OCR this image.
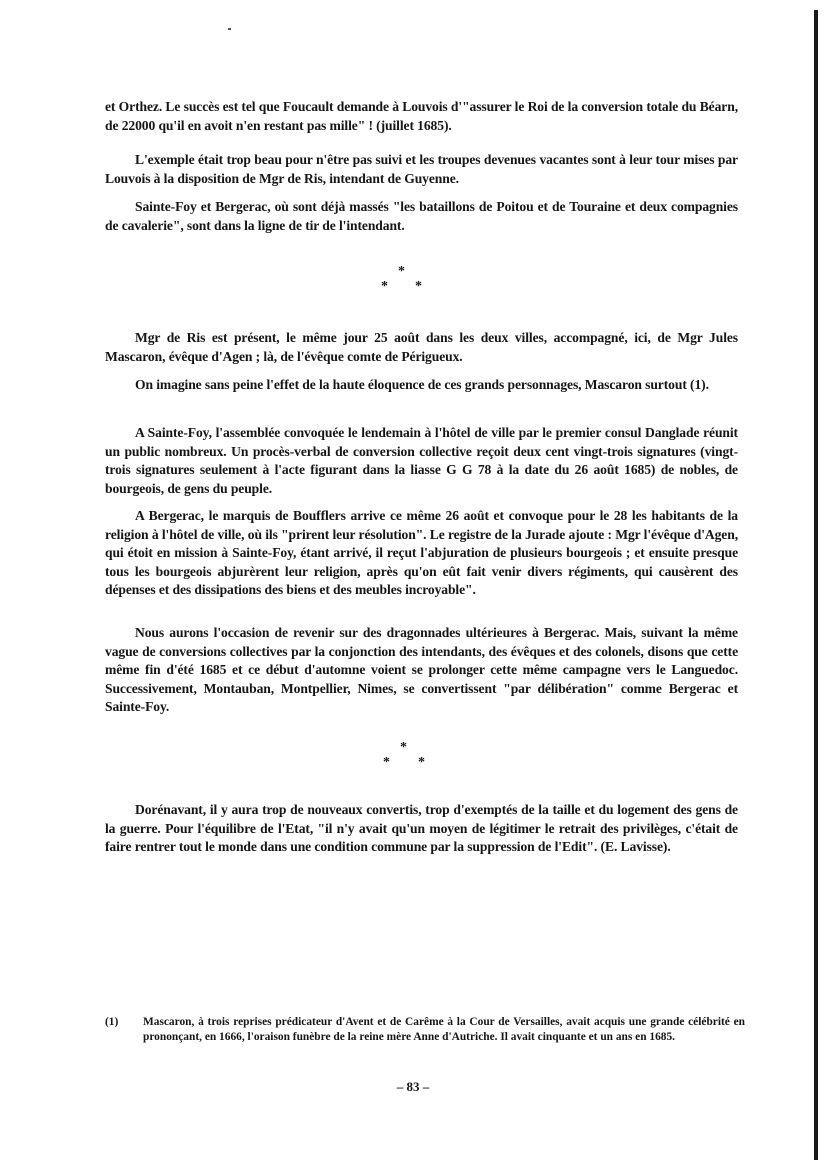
et Orthez. Le succès est tel que Foucault demande à Louvois d'"assurer le Roi de la conversion totale du Béarn, de 22000 qu'il en avoit n'en restant pas mille" ! (juillet 1685).

L'exemple était trop beau pour n'être pas suivi et les troupes devenues vacantes sont à leur tour mises par Louvois à la disposition de Mgr de Ris, intendant de Guyenne.

Sainte-Foy et Bergerac, où sont déjà massés "les bataillons de Poitou et de Touraine et deux compagnies de cavalerie", sont dans la ligne de tir de l'intendant.

*
* *

Mgr de Ris est présent, le même jour 25 août dans les deux villes, accompagné, ici, de Mgr Jules Mascaron, évêque d'Agen ; là, de l'évêque comte de Périgueux.

On imagine sans peine l'effet de la haute éloquence de ces grands personnages, Mascaron surtout (1).

A Sainte-Foy, l'assemblée convoquée le lendemain à l'hôtel de ville par le premier consul Danglade réunit un public nombreux. Un procès-verbal de conversion collective reçoit deux cent vingt-trois signatures (vingt-trois signatures seulement à l'acte figurant dans la liasse G G 78 à la date du 26 août 1685) de nobles, de bourgeois, de gens du peuple.

A Bergerac, le marquis de Boufflers arrive ce même 26 août et convoque pour le 28 les habitants de la religion à l'hôtel de ville, où ils "prirent leur résolution". Le registre de la Jurade ajoute : Mgr l'évêque d'Agen, qui étoit en mission à Sainte-Foy, étant arrivé, il reçut l'abjuration de plusieurs bourgeois ; et ensuite presque tous les bourgeois abjurèrent leur religion, après qu'on eût fait venir divers régiments, qui causèrent des dépenses et des dissipations des biens et des meubles incroyable".

Nous aurons l'occasion de revenir sur des dragonnades ultérieures à Bergerac. Mais, suivant la même vague de conversions collectives par la conjonction des intendants, des évêques et des colonels, disons que cette même fin d'été 1685 et ce début d'automne voient se prolonger cette même campagne vers le Languedoc. Successivement, Montauban, Montpellier, Nimes, se convertissent "par délibération" comme Bergerac et Sainte-Foy.

*
* *

Dorénavant, il y aura trop de nouveaux convertis, trop d'exemptés de la taille et du logement des gens de la guerre. Pour l'équilibre de l'Etat, "il n'y avait qu'un moyen de légitimer le retrait des privilèges, c'était de faire rentrer tout le monde dans une condition commune par la suppression de l'Edit". (E. Lavisse).

(1) Mascaron, à trois reprises prédicateur d'Avent et de Carême à la Cour de Versailles, avait acquis une grande célébrité en prononçant, en 1666, l'oraison funèbre de la reine mère Anne d'Autriche. Il avait cinquante et un ans en 1685.
– 83 –
